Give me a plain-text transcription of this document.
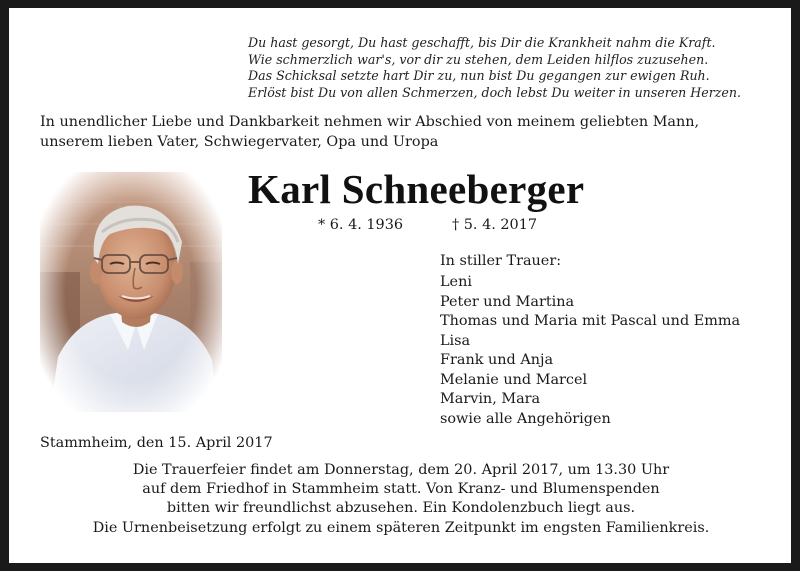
Du hast gesorgt, Du hast geschafft, bis Dir die Krankheit nahm die Kraft.
Wie schmerzlich war's, vor dir zu stehen, dem Leiden hilflos zuzusehen.
Das Schicksal setzte hart Dir zu, nun bist Du gegangen zur ewigen Ruh.
Erlöst bist Du von allen Schmerzen, doch lebst Du weiter in unseren Herzen.
In unendlicher Liebe und Dankbarkeit nehmen wir Abschied von meinem geliebten Mann,
unserem lieben Vater, Schwiegervater, Opa und Uropa
Karl Schneeberger
* 6. 4. 1936	† 5. 4. 2017
In stiller Trauer:
Leni
Peter und Martina
Thomas und Maria mit Pascal und Emma
Lisa
Frank und Anja
Melanie und Marcel
Marvin, Mara
sowie alle Angehörigen
Stammheim, den 15. April 2017
Die Trauerfeier findet am Donnerstag, dem 20. April 2017, um 13.30 Uhr
auf dem Friedhof in Stammheim statt. Von Kranz- und Blumenspenden
bitten wir freundlichst abzusehen. Ein Kondolenzbuch liegt aus.
Die Urnenbeisetzung erfolgt zu einem späteren Zeitpunkt im engsten Familienkreis.
